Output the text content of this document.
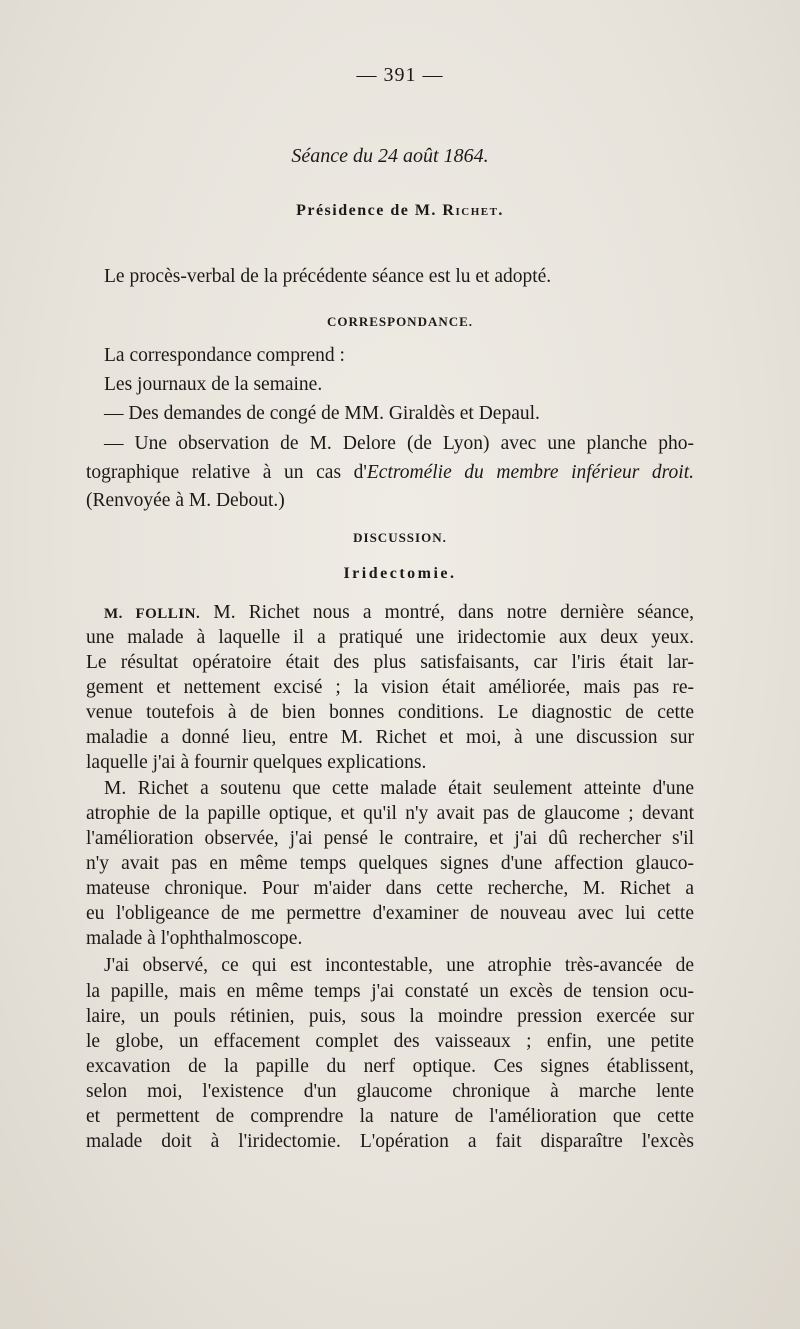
— 391 —
Séance du 24 août 1864.
Présidence de M. Richet.
Le procès-verbal de la précédente séance est lu et adopté.
CORRESPONDANCE.
La correspondance comprend :
Les journaux de la semaine.
— Des demandes de congé de MM. Giraldès et Depaul.
— Une observation de M. Delore (de Lyon) avec une planche pho-
tographique relative à un cas d'Ectromélie du membre inférieur droit.
(Renvoyée à M. Debout.)
DISCUSSION.
Iridectomie.
M. FOLLIN. M. Richet nous a montré, dans notre dernière séance,
une malade à laquelle il a pratiqué une iridectomie aux deux yeux.
Le résultat opératoire était des plus satisfaisants, car l'iris était lar-
gement et nettement excisé ; la vision était améliorée, mais pas re-
venue toutefois à de bien bonnes conditions. Le diagnostic de cette
maladie a donné lieu, entre M. Richet et moi, à une discussion sur
laquelle j'ai à fournir quelques explications.
M. Richet a soutenu que cette malade était seulement atteinte d'une
atrophie de la papille optique, et qu'il n'y avait pas de glaucome ; devant
l'amélioration observée, j'ai pensé le contraire, et j'ai dû rechercher s'il
n'y avait pas en même temps quelques signes d'une affection glauco-
mateuse chronique. Pour m'aider dans cette recherche, M. Richet a
eu l'obligeance de me permettre d'examiner de nouveau avec lui cette
malade à l'ophthalmoscope.
J'ai observé, ce qui est incontestable, une atrophie très-avancée de
la papille, mais en même temps j'ai constaté un excès de tension ocu-
laire, un pouls rétinien, puis, sous la moindre pression exercée sur
le globe, un effacement complet des vaisseaux ; enfin, une petite
excavation de la papille du nerf optique. Ces signes établissent,
selon moi, l'existence d'un glaucome chronique à marche lente
et permettent de comprendre la nature de l'amélioration que cette
malade doit à l'iridectomie. L'opération a fait disparaître l'excès
